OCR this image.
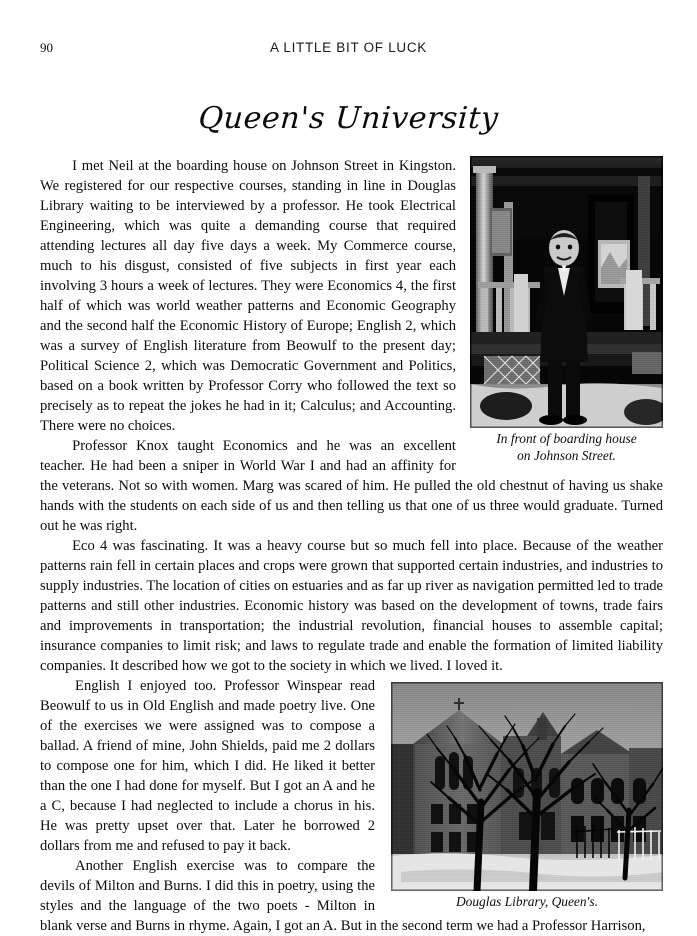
90	A LITTLE BIT OF LUCK
Queen's University
In front of boarding house
on Johnson Street.

I met Neil at the boarding house on Johnson Street in Kingston. We registered for our respective courses, standing in line in Douglas Library waiting to be interviewed by a professor. He took Electrical Engineering, which was quite a demanding course that required attending lectures all day five days a week. My Commerce course, much to his disgust, consisted of five subjects in first year each involving 3 hours a week of lectures. They were Economics 4, the first half of which was world weather patterns and Economic Geography and the second half the Economic History of Europe; English 2, which was a survey of English literature from Beowulf to the present day; Political Science 2, which was Democratic Government and Politics, based on a book written by Professor Corry who followed the text so precisely as to repeat the jokes he had in it; Calculus; and Accounting. There were no choices.

Professor Knox taught Economics and he was an excellent teacher. He had been a sniper in World War I and had an affinity for the veterans. Not so with women. Marg was scared of him. He pulled the old chestnut of having us shake hands with the students on each side of us and then telling us that one of us three would graduate. Turned out he was right.

Eco 4 was fascinating. It was a heavy course but so much fell into place. Because of the weather patterns rain fell in certain places and crops were grown that supported certain industries, and industries to supply industries. The location of cities on estuaries and as far up river as navigation permitted led to trade patterns and still other industries. Economic history was based on the development of towns, trade fairs and improvements in transportation; the industrial revolution, financial houses to assemble capital; insurance companies to limit risk; and laws to regulate trade and enable the formation of limited liability companies. It described how we got to the society in which we lived. I loved it.

Douglas Library, Queen's.

English I enjoyed too. Professor Winspear read Beowulf to us in Old English and made poetry live. One of the exercises we were assigned was to compose a ballad. A friend of mine, John Shields, paid me 2 dollars to compose one for him, which I did. He liked it better than the one I had done for myself. But I got an A and he a C, because I had neglected to include a chorus in his. He was pretty upset over that. Later he borrowed 2 dollars from me and refused to pay it back.

Another English exercise was to compare the devils of Milton and Burns. I did this in poetry, using the styles and the language of the two poets - Milton in blank verse and Burns in rhyme. Again, I got an A. But in the second term we had a Professor Harrison,
